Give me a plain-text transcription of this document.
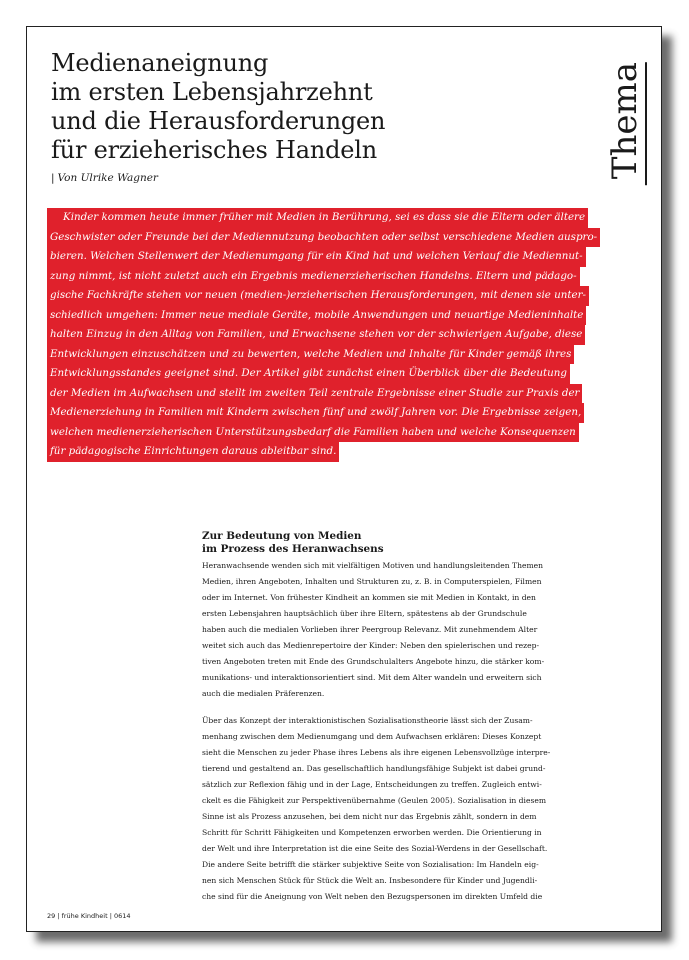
Thema
Medienaneignung
im ersten Lebensjahrzehnt
und die Herausforderungen
für erzieherisches Handeln
| Von Ulrike Wagner
Kinder kommen heute immer früher mit Medien in Berührung, sei es dass sie die Eltern oder ältere
Geschwister oder Freunde bei der Mediennutzung beobachten oder selbst verschiedene Medien auspro-
bieren. Welchen Stellenwert der Medienumgang für ein Kind hat und welchen Verlauf die Mediennut-
zung nimmt, ist nicht zuletzt auch ein Ergebnis medienerzieherischen Handelns. Eltern und pädago-
gische Fachkräfte stehen vor neuen (medien-)erzieherischen Herausforderungen, mit denen sie unter-
schiedlich umgehen: Immer neue mediale Geräte, mobile Anwendungen und neuartige Medieninhalte
halten Einzug in den Alltag von Familien, und Erwachsene stehen vor der schwierigen Aufgabe, diese
Entwicklungen einzuschätzen und zu bewerten, welche Medien und Inhalte für Kinder gemäß ihres
Entwicklungsstandes geeignet sind. Der Artikel gibt zunächst einen Überblick über die Bedeutung
der Medien im Aufwachsen und stellt im zweiten Teil zentrale Ergebnisse einer Studie zur Praxis der
Medienerziehung in Familien mit Kindern zwischen fünf und zwölf Jahren vor. Die Ergebnisse zeigen,
welchen medienerzieherischen Unterstützungsbedarf die Familien haben und welche Konsequenzen
für pädagogische Einrichtungen daraus ableitbar sind.
Zur Bedeutung von Medien
im Prozess des Heranwachsens

Heranwachsende wenden sich mit vielfältigen Motiven und handlungsleitenden Themen
Medien, ihren Angeboten, Inhalten und Strukturen zu, z. B. in Computerspielen, Filmen
oder im Internet. Von frühester Kindheit an kommen sie mit Medien in Kontakt, in den
ersten Lebensjahren hauptsächlich über ihre Eltern, spätestens ab der Grundschule
haben auch die medialen Vorlieben ihrer Peergroup Relevanz. Mit zunehmendem Alter
weitet sich auch das Medienrepertoire der Kinder: Neben den spielerischen und rezep-
tiven Angeboten treten mit Ende des Grundschulalters Angebote hinzu, die stärker kom-
munikations- und interaktionsorientiert sind. Mit dem Alter wandeln und erweitern sich
auch die medialen Präferenzen.

Über das Konzept der interaktionistischen Sozialisationstheorie lässt sich der Zusam-
menhang zwischen dem Medienumgang und dem Aufwachsen erklären: Dieses Konzept
sieht die Menschen zu jeder Phase ihres Lebens als ihre eigenen Lebensvollzüge interpre-
tierend und gestaltend an. Das gesellschaftlich handlungsfähige Subjekt ist dabei grund-
sätzlich zur Reflexion fähig und in der Lage, Entscheidungen zu treffen. Zugleich entwi-
ckelt es die Fähigkeit zur Perspektivenübernahme (Geulen 2005). Sozialisation in diesem
Sinne ist als Prozess anzusehen, bei dem nicht nur das Ergebnis zählt, sondern in dem
Schritt für Schritt Fähigkeiten und Kompetenzen erworben werden. Die Orientierung in
der Welt und ihre Interpretation ist die eine Seite des Sozial-Werdens in der Gesellschaft.
Die andere Seite betrifft die stärker subjektive Seite von Sozialisation: Im Handeln eig-
nen sich Menschen Stück für Stück die Welt an. Insbesondere für Kinder und Jugendli-
che sind für die Aneignung von Welt neben den Bezugspersonen im direkten Umfeld die

29 | frühe Kindheit | 0614
